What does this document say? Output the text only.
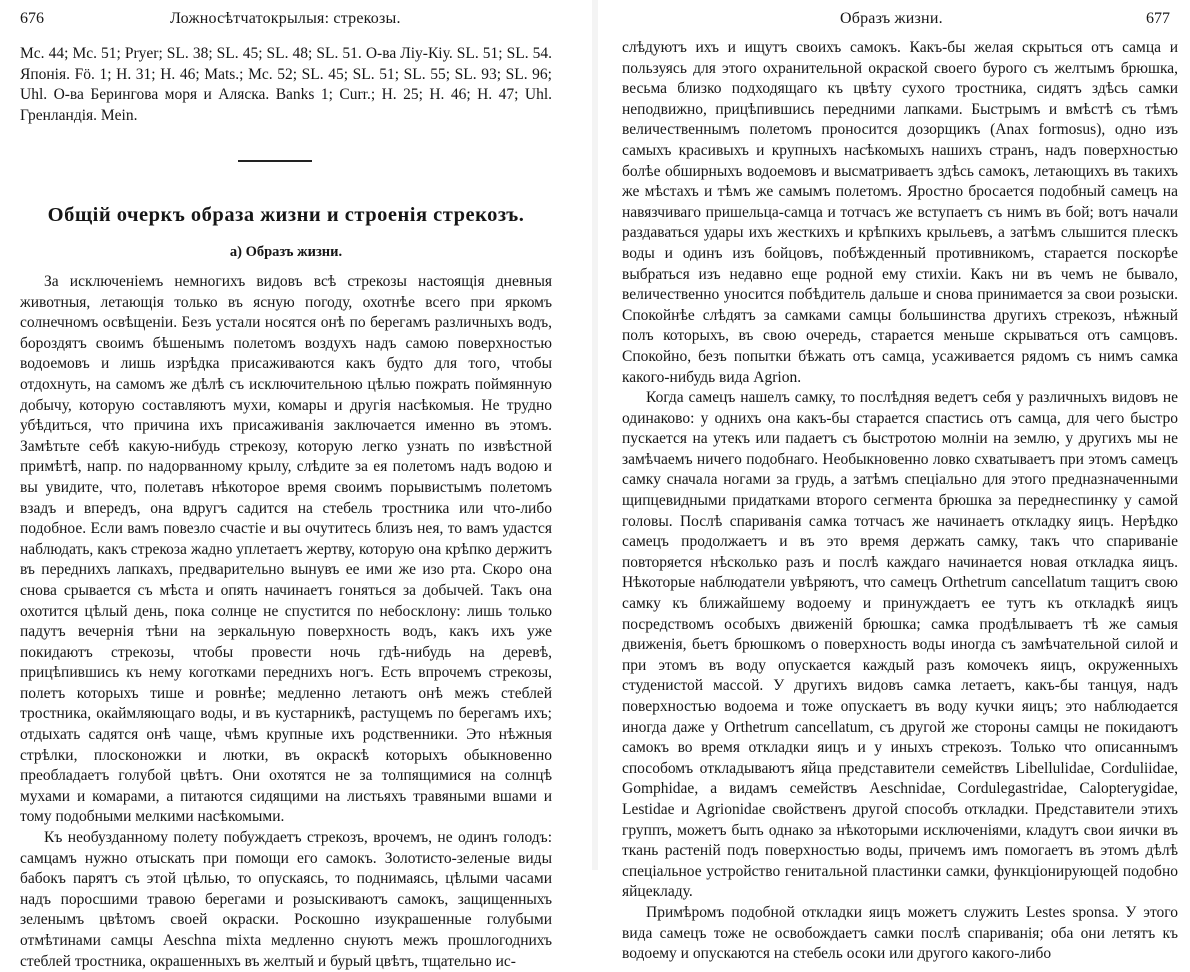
676	Ложносѣтчатокрылыя: стрекозы.

Mc. 44; Mc. 51; Pryer; SL. 38; SL. 45; SL. 48; SL. 51. О-ва Лiу-Кiу. SL. 51; SL. 54. Японiя. Fö. 1; H. 31; H. 46; Mats.; Mc. 52; SL. 45; SL. 51; SL. 55; SL. 93; SL. 96; Uhl. О-ва Берингова моря и Аляска. Banks 1; Curr.; H. 25; H. 46; H. 47; Uhl. Гренландiя. Mein.

Общiй очеркъ образа жизни и строенiя стрекозъ.
a) Образъ жизни.

За исключенiемъ немногихъ видовъ всѣ стрекозы настоящiя дневныя животныя, летающiя только въ ясную погоду, охотнѣе всего при яркомъ солнечномъ освѣщенiи. Безъ устали носятся онѣ по берегамъ различныхъ водъ, бороздятъ своимъ бѣшенымъ полетомъ воздухъ надъ самою поверхностью водоемовъ и лишь изрѣдка присаживаются какъ будто для того, чтобы отдохнуть, на самомъ же дѣлѣ съ исключительною цѣлью пожрать поймянную добычу, которую составляютъ мухи, комары и другiя насѣкомыя. Не трудно убѣдиться, что причина ихъ присаживанiя заключается именно въ этомъ. Замѣтьте себѣ какую-нибудь стрекозу, которую легко узнать по извѣстной примѣтѣ, напр. по надорванному крылу, слѣдите за ея полетомъ надъ водою и вы увидите, что, полетавъ нѣкоторое время своимъ порывистымъ полетомъ взадъ и впередъ, она вдругъ садится на стебель тростника или что-либо подобное. Если вамъ повезло счастiе и вы очутитесь близъ нея, то вамъ удастся наблюдать, какъ стрекоза жадно уплетаетъ жертву, которую она крѣпко держитъ въ переднихъ лапкахъ, предварительно вынувъ ее ими же изо рта. Скоро она снова срывается съ мѣста и опять начинаетъ гоняться за добычей. Такъ она охотится цѣлый день, пока солнце не спустится по небосклону: лишь только падутъ вечернiя тѣни на зеркальную поверхность водъ, какъ ихъ уже покидаютъ стрекозы, чтобы провести ночь гдѣ-нибудь на деревѣ, прицѣпившись къ нему коготками переднихъ ногъ. Есть впрочемъ стрекозы, полетъ которыхъ тише и ровнѣе; медленно летаютъ онѣ межъ стеблей тростника, окаймляющаго воды, и въ кустарникѣ, растущемъ по берегамъ ихъ; отдыхать садятся онѣ чаще, чѣмъ крупные ихъ родственники. Это нѣжныя стрѣлки, плосконожки и лютки, въ окраскѣ которыхъ обыкновенно преобладаетъ голубой цвѣтъ. Они охотятся не за толпящимися на солнцѣ мухами и комарами, а питаются сидящими на листьяхъ травяными вшами и тому подобными мелкими насѣкомыми.

Къ необузданному полету побуждаетъ стрекозъ, врочемъ, не одинъ голодъ: самцамъ нужно отыскать при помощи его самокъ. Золотисто-зеленые виды бабокъ парятъ съ этой цѣлью, то опускаясь, то поднимаясь, цѣлыми часами надъ поросшими травою берегами и розыскиваютъ самокъ, защищенныхъ зеленымъ цвѣтомъ своей окраски. Роскошно изукрашенные голубыми отмѣтинами самцы Aeschna mixta медленно снуютъ межъ прошлогоднихъ стеблей тростника, окрашенныхъ въ желтый и бурый цвѣтъ, тщательно ис-

Образъ жизни.	677

слѣдуютъ ихъ и ищутъ своихъ самокъ. Какъ-бы желая скрыться отъ самца и пользуясь для этого охранительной окраской своего бурого съ желтымъ брюшка, весьма близко подходящаго къ цвѣту сухого тростника, сидятъ здѣсь самки неподвижно, прицѣпившись передними лапками. Быстрымъ и вмѣстѣ съ тѣмъ величественнымъ полетомъ проносится дозорщикъ (Anax formosus), одно изъ самыхъ красивыхъ и крупныхъ насѣкомыхъ нашихъ странъ, надъ поверхностью болѣе обширныхъ водоемовъ и высматриваетъ здѣсь самокъ, летающихъ въ такихъ же мѣстахъ и тѣмъ же самымъ полетомъ. Яростно бросается подобный самецъ на навязчиваго пришельца-самца и тотчасъ же вступаетъ съ нимъ въ бой; вотъ начали раздаваться удары ихъ жесткихъ и крѣпкихъ крыльевъ, а затѣмъ слышится плескъ воды и одинъ изъ бойцовъ, побѣжденный противникомъ, старается поскорѣе выбраться изъ недавно еще родной ему стихiи. Какъ ни въ чемъ не бывало, величественно уносится побѣдитель дальше и снова принимается за свои розыски. Спокойнѣе слѣдятъ за самками самцы большинства другихъ стрекозъ, нѣжный полъ которыхъ, въ свою очередь, старается меньше скрываться отъ самцовъ. Спокойно, безъ попытки бѣжать отъ самца, усаживается рядомъ съ нимъ самка какого-нибудь вида Agrion.

Когда самецъ нашелъ самку, то послѣдняя ведетъ себя у различныхъ видовъ не одинаково: у однихъ она какъ-бы старается спастись отъ самца, для чего быстро пускается на утекъ или падаетъ съ быстротою молнiи на землю, у другихъ мы не замѣчаемъ ничего подобнаго. Необыкновенно ловко схватываетъ при этомъ самецъ самку сначала ногами за грудь, а затѣмъ спецiально для этого предназначенными щипцевидными придатками второго сегмента брюшка за переднеспинку у самой головы. Послѣ спариванiя самка тотчасъ же начинаетъ откладку яицъ. Нерѣдко самецъ продолжаетъ и въ это время держать самку, такъ что спариванiе повторяется нѣсколько разъ и послѣ каждаго начинается новая откладка яицъ. Нѣкоторые наблюдатели увѣряютъ, что самецъ Orthetrum cancellatum тащитъ свою самку къ ближайшему водоему и принуждаетъ ее тутъ къ откладкѣ яицъ посредствомъ особыхъ движенiй брюшка; самка продѣлываетъ тѣ же самыя движенiя, бьетъ брюшкомъ о поверхность воды иногда съ замѣчательной силой и при этомъ въ воду опускается каждый разъ комочекъ яицъ, окруженныхъ студенистой массой. У другихъ видовъ самка летаетъ, какъ-бы танцуя, надъ поверхностью водоема и тоже опускаетъ въ воду кучки яицъ; это наблюдается иногда даже у Orthetrum cancellatum, съ другой же стороны самцы не покидаютъ самокъ во время откладки яицъ и у иныхъ стрекозъ. Только что описаннымъ способомъ откладываютъ яйца представители семействъ Libellulidae, Corduliidae, Gomphidae, а видамъ семействъ Aeschnidae, Cordulegastridae, Calopterygidae, Lestidae и Agrionidae свойственъ другой способъ откладки. Представители этихъ группъ, можетъ быть однако за нѣкоторыми исключенiями, кладутъ свои яички въ ткань растенiй подъ поверхностью воды, причемъ имъ помогаетъ въ этомъ дѣлѣ спецiальное устройство генитальной пластинки самки, функцiонирующей подобно яйцекладу.

Примѣромъ подобной откладки яицъ можетъ служить Lestes sponsa. У этого вида самецъ тоже не освобождаетъ самки послѣ спариванiя; оба они летятъ къ водоему и опускаются на стебель осоки или другого какого-либо
